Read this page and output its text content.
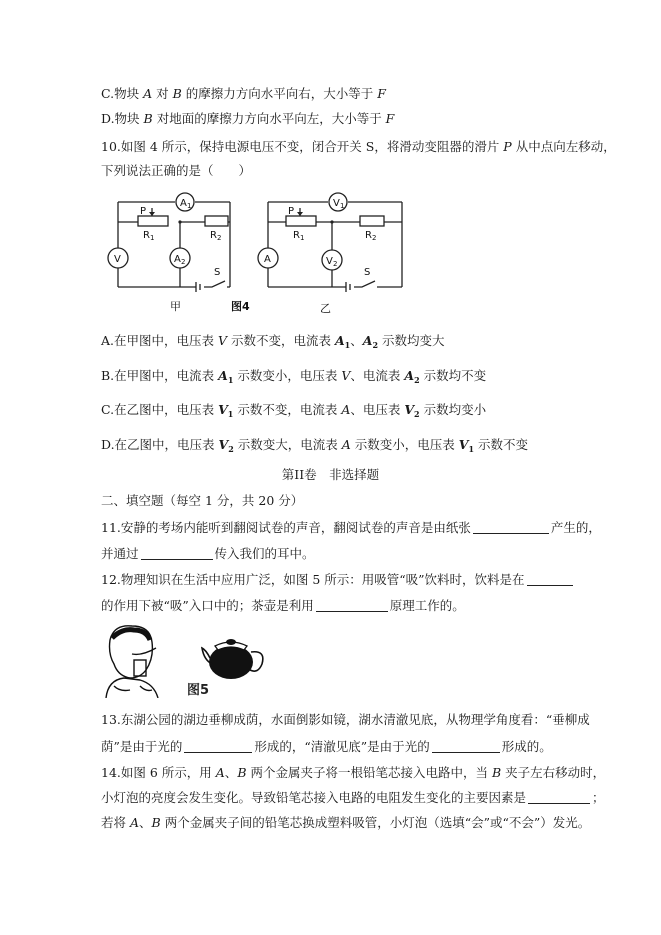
C.物块 A 对 B 的摩擦力方向水平向右，大小等于 F
D.物块 B 对地面的摩擦力方向水平向左，大小等于 F
10.如图 4 所示，保持电源电压不变，闭合开关 S，将滑动变阻器的滑片 P 从中点向左移动，
下列说法正确的是（　　）
A 1
V	A 2
P
R 1	R 2
S
V 1
A	V 2
P
R 1	R 2
S
甲	图4	乙
A.在甲图中，电压表 V 示数不变，电流表 $A_1$、$A_2$ 示数均变大
B.在甲图中，电流表 $A_1$ 示数变小，电压表 V、电流表 $A_2$ 示数均不变
C.在乙图中，电压表 $V_1$ 示数不变，电流表 A、电压表 $V_2$ 示数均变小
D.在乙图中，电压表 $V_2$ 示数变大，电流表 A 示数变小，电压表 $V_1$ 示数不变
第II卷　非选择题
二、填空题（每空 1 分，共 20 分）
11.安静的考场内能听到翻阅试卷的声音，翻阅试卷的声音是由纸张	产生的，
并通过	传入我们的耳中。
12.物理知识在生活中应用广泛，如图 5 所示：用吸管“吸”饮料时，饮料是在
的作用下被“吸”入口中的；茶壶是利用	原理工作的。
图5
13.东湖公园的湖边垂柳成荫，水面倒影如镜，湖水清澈见底，从物理学角度看：“垂柳成
荫”是由于光的	形成的，“清澈见底”是由于光的	形成的。
14.如图 6 所示，用 A、B 两个金属夹子将一根铅笔芯接入电路中，当 B 夹子左右移动时，
小灯泡的亮度会发生变化。导致铅笔芯接入电路的电阻发生变化的主要因素是	；
若将 A、B 两个金属夹子间的铅笔芯换成塑料吸管，小灯泡（选填“会”或“不会”）发光。
